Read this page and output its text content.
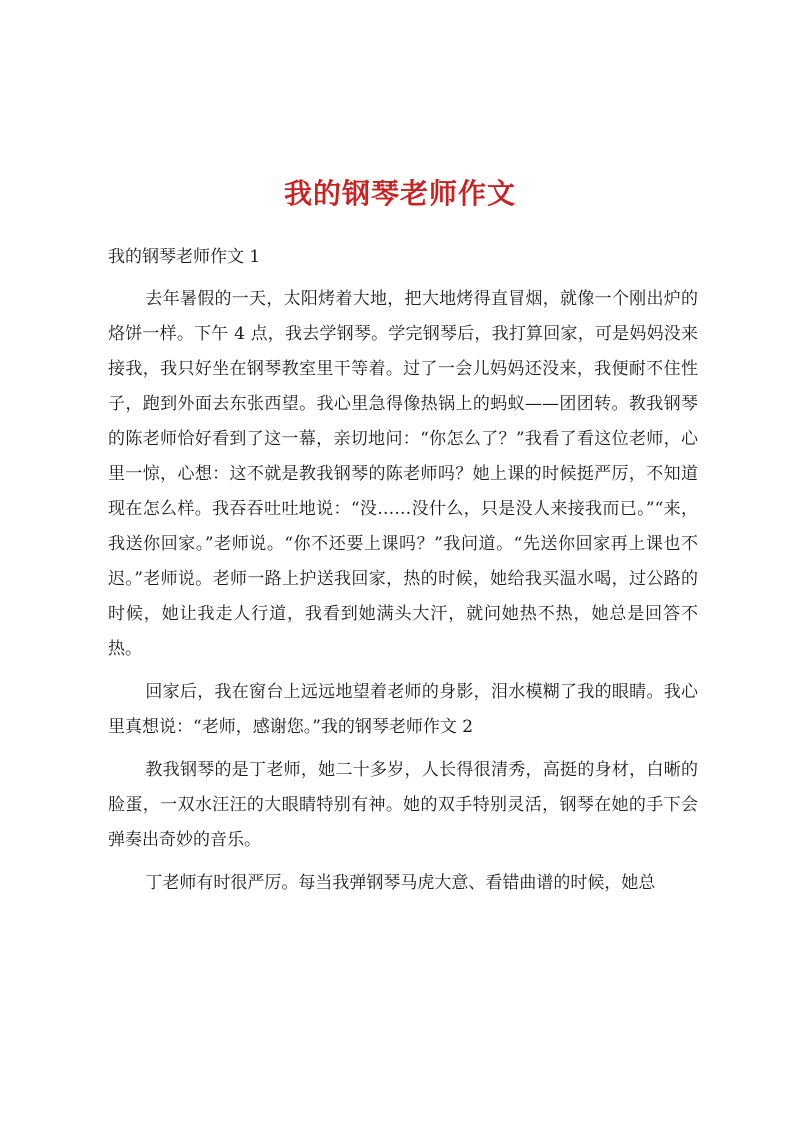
我的钢琴老师作文

我的钢琴老师作文 1

去年暑假的一天，太阳烤着大地，把大地烤得直冒烟，就像一个刚出炉的烙饼一样。下午 4 点，我去学钢琴。学完钢琴后，我打算回家，可是妈妈没来接我，我只好坐在钢琴教室里干等着。过了一会儿妈妈还没来，我便耐不住性子，跑到外面去东张西望。我心里急得像热锅上的蚂蚁——团团转。教我钢琴的陈老师恰好看到了这一幕，亲切地问：“你怎么了？”我看了看这位老师，心里一惊，心想：这不就是教我钢琴的陈老师吗？她上课的时候挺严厉，不知道现在怎么样。我吞吞吐吐地说：“没……没什么，只是没人来接我而已。”“来，我送你回家。”老师说。“你不还要上课吗？”我问道。“先送你回家再上课也不迟。”老师说。老师一路上护送我回家，热的时候，她给我买温水喝，过公路的时候，她让我走人行道，我看到她满头大汗，就问她热不热，她总是回答不热。

回家后，我在窗台上远远地望着老师的身影，泪水模糊了我的眼睛。我心里真想说：“老师，感谢您。”我的钢琴老师作文 2

教我钢琴的是丁老师，她二十多岁，人长得很清秀，高挺的身材，白晰的脸蛋，一双水汪汪的大眼睛特别有神。她的双手特别灵活，钢琴在她的手下会弹奏出奇妙的音乐。

丁老师有时很严厉。每当我弹钢琴马虎大意、看错曲谱的时候，她总
